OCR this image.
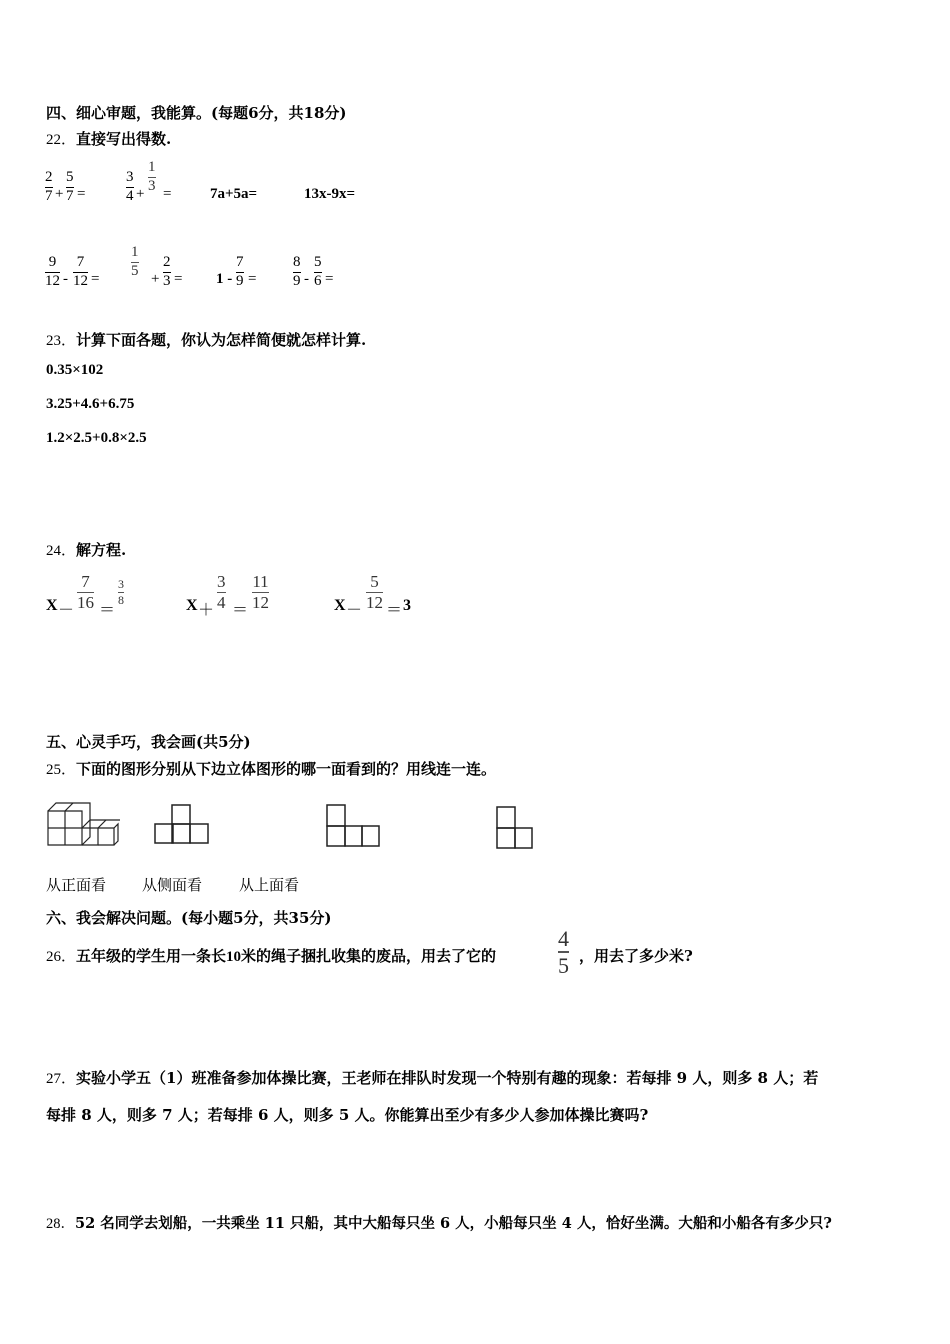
四、细心审题，我能算。(每题6分，共18分)
22．直接写出得数.
2
7 +
5
7 =
3
4 +
1
3
=	7a+5a=	13x-9x=
9
12 -
7
12 =
1
5
+
2
3 = 1 -
7
9 =
8
9 -
5
6 =
23．计算下面各题，你认为怎样简便就怎样计算.
0.35×102
3.25+4.6+6.75
1.2×2.5+0.8×2.5
24．解方程.
X －
7
16 ＝
3
8	X ＋
3
4 ＝
11
12	X －
5
12 ＝ 3
五、心灵手巧，我会画(共5分)
25．下面的图形分别从下边立体图形的哪一面看到的？用线连一连。
从正面看 从侧面看 从上面看
六、我会解决问题。(每小题5分，共35分)
26．五年级的学生用一条长10米的绳子捆扎收集的废品，用去了它的
4
5 ，用去了多少米?
27．实验小学五（1）班准备参加体操比赛，王老师在排队时发现一个特别有趣的现象：若每排 9 人，则多 8 人；若
每排 8 人，则多 7 人；若每排 6 人，则多 5 人。你能算出至少有多少人参加体操比赛吗?
28．52 名同学去划船，一共乘坐 11 只船，其中大船每只坐 6 人，小船每只坐 4 人，恰好坐满。大船和小船各有多少只?
